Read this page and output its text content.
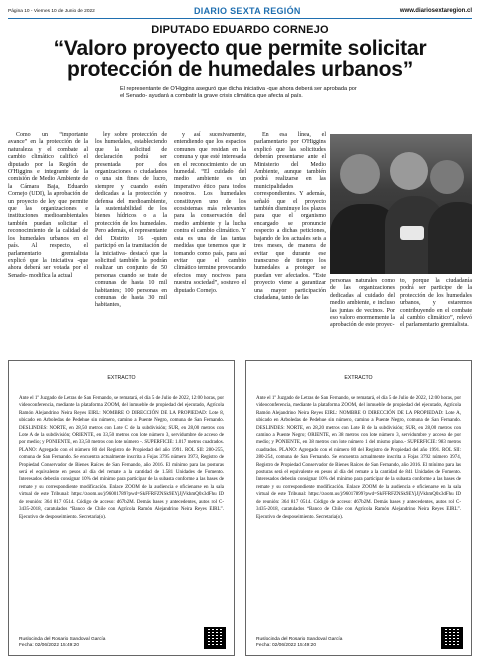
Página 10 - Viernes 10 de Junio de 2022	DIARIO SEXTA REGIÓN	www.diariosextaregion.cl
DIPUTADO EDUARDO CORNEJO
“Valoro proyecto que permite solicitar protección de humedales urbanos”
El representante de O'Higgins aseguró que dicha iniciativa -que ahora deberá ser aprobada por el Senado- ayudará a combatir la grave crisis climática que afecta al país.

Como un “importante avance” en la protección de la naturaleza y el combate al cambio climático calificó el diputado por la Región de O'Higgins e integrante de la comisión de Medio Ambiente de la Cámara Baja, Eduardo Cornejo (UDI), la aprobación de un proyecto de ley que permite que las organizaciones e instituciones medioambientales también puedan solicitar el reconocimiento de la calidad de los humedales urbanos en el país. Al respecto, el parlamentario gremialista explicó que la iniciativa -que ahora deberá ser votada por el Senado- modifica la actual

ley sobre protección de los humedales, estableciendo que la solicitud de declaración podrá ser presentada por dos organizaciones o ciudadanos o una sin fines de lucro, siempre y cuando estén dedicadas a la protección y defensa del medioambiente, la sustentabilidad de los bienes hídricos o a la protección de los humedales. Pero además, el representante del Distrito 16 -quien participó en la tramitación de la iniciativa- destacó que la solicitud también la podrán realizar un conjunto de 50 personas cuando se trate de comunas de hasta 10 mil habitantes; 100 personas en comunas de hasta 30 mil habitantes,

y así sucesivamente, entendiendo que los espacios comunes que residan en la comuna y que esté interesada en el reconocimiento de un humedal. “El cuidado del medio ambiente es un imperativo ético para todos nosotros. Los humedales constituyen uno de los ecosistemas más relevantes para la conservación del medio ambiente y la lucha contra el cambio climático. Y esta es una de las tantas medidas que tenemos que ir tomando como país, para así evitar que el cambio climático termine provocando efectos muy nocivos para nuestra sociedad”, sostuvo el diputado Cornejo.

En esa línea, el parlamentario por O'Higgins explicó que las solicitudes deberán presentarse ante el Ministerio del Medio Ambiente, aunque también podrá realizarse en las municipalidades correspondientes. Y además, señaló que el proyecto también disminuye los plazos para que el organismo encargado se pronuncie respecto a dichas peticiones, bajando de los actuales seis a tres meses, de manera de evitar que durante ese transcurso de tiempo los humedales a proteger se puedan ver afectados. “Este proyecto viene a garantizar una mayor participación ciudadana, tanto de las

personas naturales como de las organizaciones dedicadas al cuidado del medio ambiente, e incluso las juntas de vecinos. Por eso valoro enormemente la aprobación de este proyec-

to, porque la ciudadanía podrá ser participe de la protección de los humedales urbanos, y estaremos contribuyendo en el combate al cambio climático”, relevó el parlamentario gremialista.

EXTRACTO
Ante el 1º Juzgado de Letras de San Fernando, se rematará, el día 5 de Julio de 2022, 12:00 horas, por videoconferencia, mediante la plataforma ZOOM, del inmueble de propiedad del ejecutado, Agrícola Ramón Alejandrino Neira Reyes EIRL: NOMBRE O DIRECCIÓN DE LA PROPIEDAD: Lote 8, ubicado en Arboledas de Pedehue sin número, camino a Puente Negro, comuna de San Fernando. DESLINDES: NORTE, en 28,50 metros con Lote C de la subdivisión; SUR, en 28,00 metros con Lote A de la subdivisión; ORIENTE, en 33,50 metros con lote número 3, servidumbre de acceso de por medio; y PONIENTE, en 33,50 metros con lote número -. SUPERFICIE: 1.017 metros cuadrados. PLANO: Agregado con el número 80 del Registro de Propiedad del año 1991. ROL SII: 280-255, comuna de San Fernando. Se encuentra actualmente inscrita a Fojas 3795 número 3973, Registro de Propiedad Conservador de Bienes Raíces de San Fernando, año 2016. El mínimo para las posturas será el equivalente en pesos al día del remate a la cantidad de 1.581 Unidades de Fomento. Interesados deberán consignar 10% del mínimo para participar de la subasta conforme a las bases de remate y su correspondiente modificación. Enlace ZOOM de la audiencia e oficienarse en la sala virtual de este Tribunal: https://zoom.us/j/96001789?pwd=SkFFRFZNSk9EYjJjVkhmQ0x3dFhu ID de reunión: 364 817 0514. Código de acceso: d67b2M. Demás bases y antecedentes, autos rol C-3435-2018, caratulados “Banco de Chile con Agrícola Ramón Alejandrino Neira Reyes EIRL”. Ejecutivo de desposeimiento. Secretaria(o).
Ruslocinda del Rosario Sandoval García
Fecha: 02/06/2022 15:49:20
EXTRACTO
Ante el 1º Juzgado de Letras de San Fernando, se rematará, el día 5 de Julio de 2022, 12:00 horas, por videoconferencia, mediante la plataforma ZOOM, del inmueble de propiedad del ejecutado, Agrícola Ramón Alejandrino Neira Reyes EIRL: NOMBRE O DIRECCIÓN DE LA PROPIEDAD: Lote A, ubicado en Arboledas de Pedehue sin número, camino a Puente Negro, comuna de San Fernando. DESLINDES: NORTE, en 28,20 metros con Lote B de la subdivisión; SUR, en 28,00 metros con camino a Puente Negro; ORIENTE, en 38 metros con lote número 3, servidumbre y acceso de por medio; y PONIENTE, en 38 metros con lote número 1 del mismo plano.- SUPERFICIE: 983 metros cuadrados. PLANO: Agregado con el número 80 del Registro de Propiedad del año 1991. ROL SII: 280-254, comuna de San Fernando. Se encuentra actualmente inscrita a Fojas 3792 número 3974, Registro de Propiedad Conservador de Bienes Raíces de San Fernando, año 2016. El mínimo para las posturas será el equivalente en pesos al día del remate a la cantidad de 841 Unidades de Fomento. Interesados deberán consignar 10% del mínimo para participar de la subasta conforme a las bases de remate y su correspondiente modificación. Enlace ZOOM de la audiencia e oficienarse en la sala virtual de este Tribunal: https://zoom.us/j/96017899?pwd=SkFFRFZNSk9EYjJjVkhmQ0x3dFhu ID de reunión: 364 817 0514. Código de acceso: d67b2M. Demás bases y antecedentes, autos rol C-3435-2018, caratulados “Banco de Chile con Agrícola Ramón Alejandrino Neira Reyes EIRL”. Ejecutivo de desposeimiento. Secretaria(o).
Ruslocinda del Rosario Sandoval García
Fecha: 02/06/2022 15:49:20
